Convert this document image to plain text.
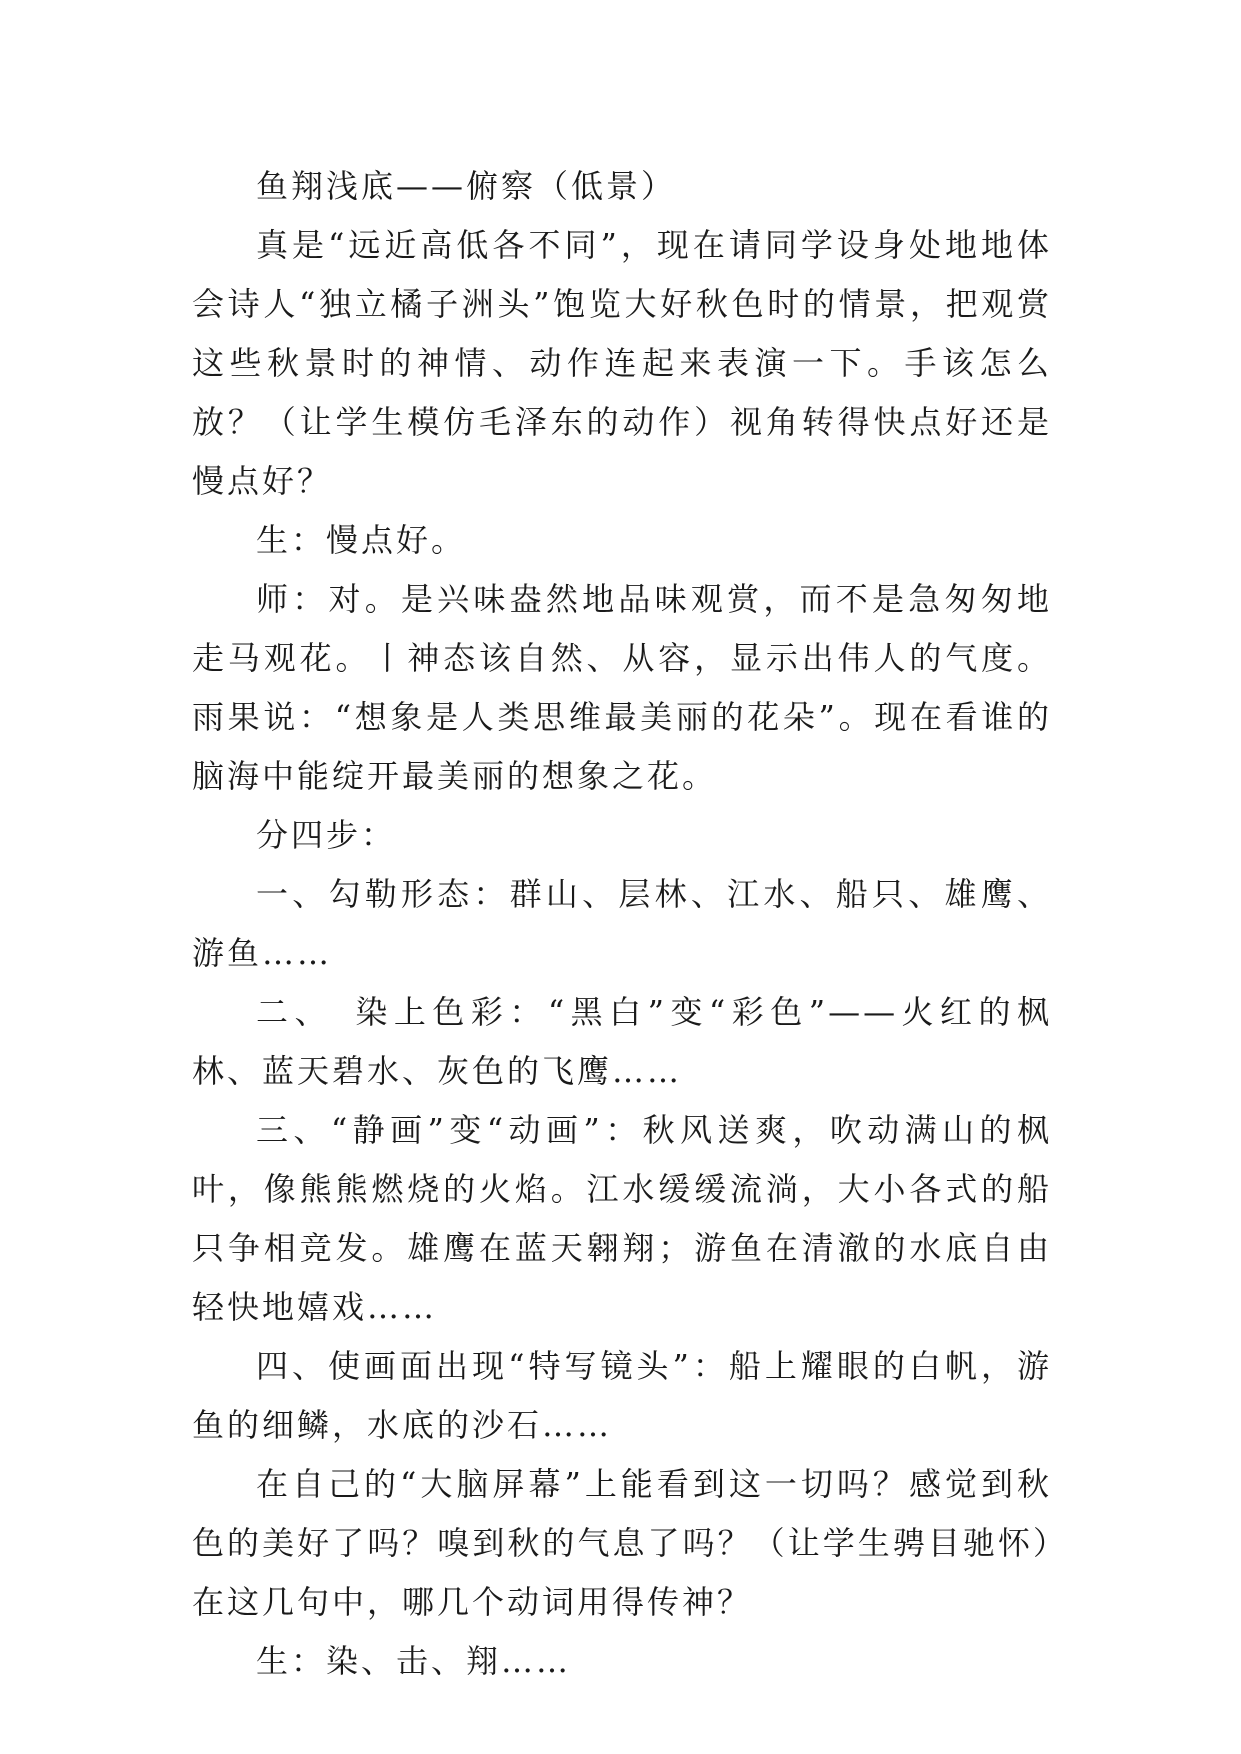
鱼翔浅底——俯察（低景）

真是“远近高低各不同”，现在请同学设身处地地体会诗人“独立橘子洲头”饱览大好秋色时的情景，把观赏这些秋景时的神情、动作连起来表演一下。手该怎么放？（让学生模仿毛泽东的动作）视角转得快点好还是慢点好？

生：慢点好。

师：对。是兴味盎然地品味观赏，而不是急匆匆地走马观花。丨神态该自然、从容，显示出伟人的气度。雨果说：“想象是人类思维最美丽的花朵”。现在看谁的脑海中能绽开最美丽的想象之花。

分四步：

一、勾勒形态：群山、层林、江水、船只、雄鹰、游鱼……

二、　染上色彩：“黑白”变“彩色”——火红的枫林、蓝天碧水、灰色的飞鹰……

三、“静画”变“动画”：秋风送爽，吹动满山的枫叶，像熊熊燃烧的火焰。江水缓缓流淌，大小各式的船只争相竞发。雄鹰在蓝天翱翔；游鱼在清澈的水底自由轻快地嬉戏……

四、使画面出现“特写镜头”：船上耀眼的白帆，游鱼的细鳞，水底的沙石……

在自己的“大脑屏幕”上能看到这一切吗？感觉到秋色的美好了吗？嗅到秋的气息了吗？（让学生骋目驰怀）　在这几句中，哪几个动词用得传神？

生：染、击、翔……
